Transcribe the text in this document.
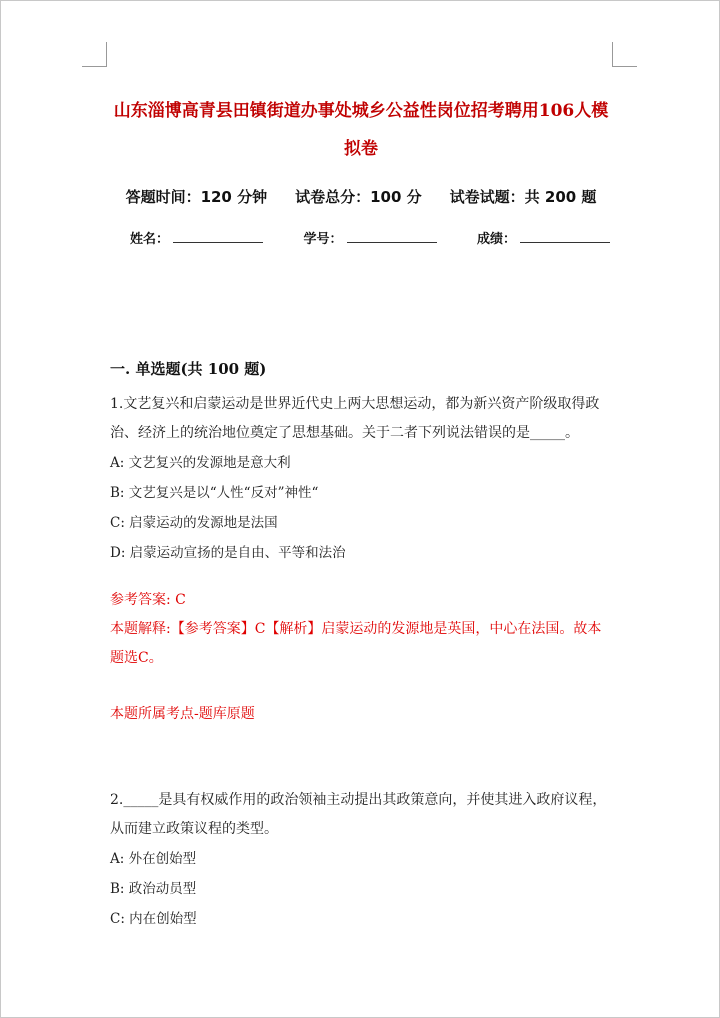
山东淄博高青县田镇街道办事处城乡公益性岗位招考聘用106人模拟卷
答题时间：120 分钟 试卷总分：100 分 试卷试题：共 200 题
姓名：	学号：	成绩：
一. 单选题(共 100 题)

1.文艺复兴和启蒙运动是世界近代史上两大思想运动，都为新兴资产阶级取得政治、经济上的统治地位奠定了思想基础。关于二者下列说法错误的是_____。

A: 文艺复兴的发源地是意大利

B: 文艺复兴是以“人性“反对”神性“

C: 启蒙运动的发源地是法国

D: 启蒙运动宣扬的是自由、平等和法治

参考答案: C

本题解释:【参考答案】C【解析】启蒙运动的发源地是英国，中心在法国。故本题选C。

本题所属考点-题库原题

2._____是具有权威作用的政治领袖主动提出其政策意向，并使其进入政府议程，从而建立政策议程的类型。

A: 外在创始型

B: 政治动员型

C: 内在创始型
